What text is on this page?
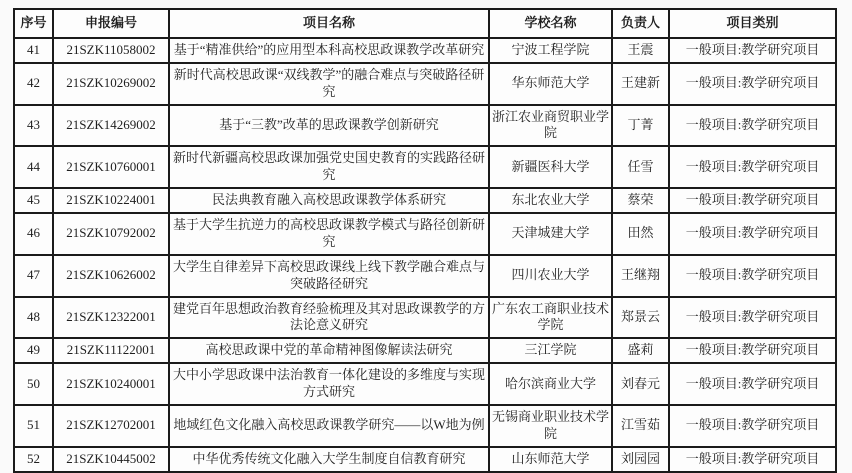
序号	申报编号	项目名称	学校名称	负责人	项目类别
41	21SZK11058002	基于“精准供给”的应用型本科高校思政课教学改革研究	宁波工程学院	王震	一般项目:教学研究项目
42	21SZK10269002	新时代高校思政课“双线教学”的融合难点与突破路径研究	华东师范大学	王建新	一般项目:教学研究项目
43	21SZK14269002	基于“三教”改革的思政课教学创新研究	浙江农业商贸职业学院	丁菁	一般项目:教学研究项目
44	21SZK10760001	新时代新疆高校思政课加强党史国史教育的实践路径研究	新疆医科大学	任雪	一般项目:教学研究项目
45	21SZK10224001	民法典教育融入高校思政课教学体系研究	东北农业大学	蔡荣	一般项目:教学研究项目
46	21SZK10792002	基于大学生抗逆力的高校思政课教学模式与路径创新研究	天津城建大学	田然	一般项目:教学研究项目
47	21SZK10626002	大学生自律差异下高校思政课线上线下教学融合难点与突破路径研究	四川农业大学	王继翔	一般项目:教学研究项目
48	21SZK12322001	建党百年思想政治教育经验梳理及其对思政课教学的方法论意义研究	广东农工商职业技术学院	郑景云	一般项目:教学研究项目
49	21SZK11122001	高校思政课中党的革命精神图像解读法研究	三江学院	盛莉	一般项目:教学研究项目
50	21SZK10240001	大中小学思政课中法治教育一体化建设的多维度与实现方式研究	哈尔滨商业大学	刘春元	一般项目:教学研究项目
51	21SZK12702001	地域红色文化融入高校思政课教学研究——以W地为例	无锡商业职业技术学院	江雪茹	一般项目:教学研究项目
52	21SZK10445002	中华优秀传统文化融入大学生制度自信教育研究	山东师范大学	刘园园	一般项目:教学研究项目
